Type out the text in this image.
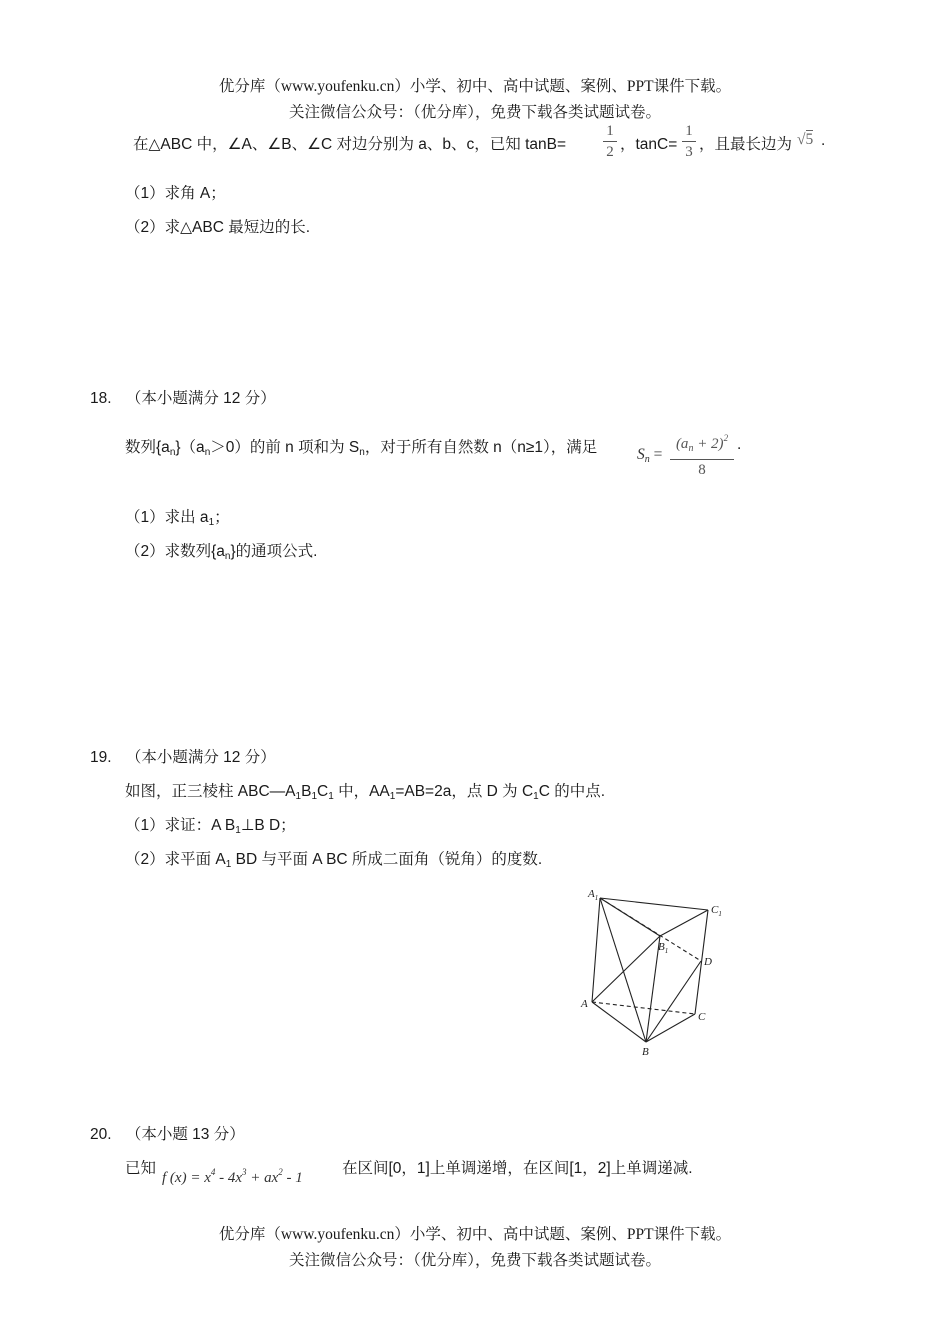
优分库（www.youfenku.cn）小学、初中、高中试题、案例、PPT课件下载。
关注微信公众号：（优分库），免费下载各类试题试卷。
在△ABC 中，∠A、∠B、∠C 对边分别为 a、b、c，已知 tanB=
1
2 ，tanC=
1
3 ，且最长边为 √5 .
（1）求角 A；
（2）求△ABC 最短边的长.
18. （本小题满分 12 分）
数列$\{a_n\}(a_n>0)$的前 n 项和为 $S_n$，对于所有自然数 n（n≥1），满足	$S_n$ =
$(a_n + 2)^2$
8
.
（1）求出 $a_1$；
（2）求数列$\{a_n\}$的通项公式.
19. （本小题满分 12 分）
如图，正三棱柱 $ABC—A_1B_1C_1$ 中，$AA_1=AB=2a$，点 D 为 $C_1C$ 的中点.
（1）求证：A $B_1\perp B$ D；
（2）求平面 $A_1$ BD 与平面 A BC 所成二面角（锐角）的度数.
$A_1$
$C_1$
$B_1$
D
A
C
B
20. （本小题 13 分）
已知
f $(x) = x^4 - 4x^3 + ax^2 - 1$
在区间[0，1]上单调递增，在区间[1，2]上单调递减.
优分库（www.youfenku.cn）小学、初中、高中试题、案例、PPT课件下载。
关注微信公众号：（优分库），免费下载各类试题试卷。
